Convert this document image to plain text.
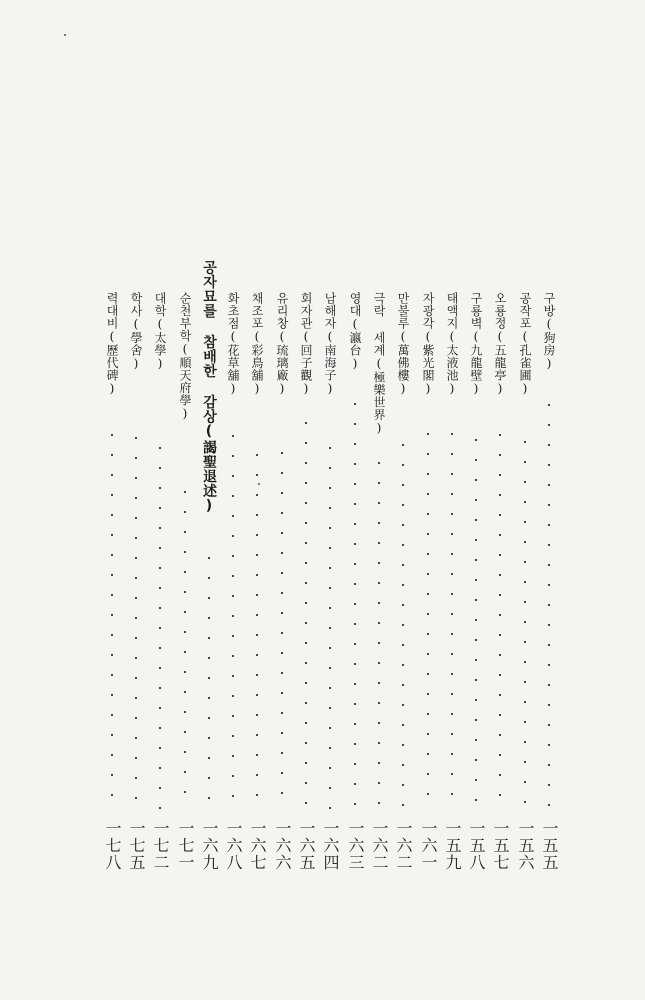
구방(狗房)
一五五
공작포(孔雀圃)
一五六
오룡정(五龍亭)
一五七
구룡벽(九龍壁)
一五八
태액지(太液池)
一五九
자광각(紫光閣)
一六一
만불루(萬佛樓)
一六二
극락 세계(極樂世界)
一六二
영대(瀛台)
一六三
남해자(南海子)
一六四
회자관(回子觀)
一六五
유리창(琉璃廠)
一六六
채조포(彩鳥舖)
一六七
화초점(花草舖)
一六八
공자묘를 참배한 감상(謁聖退述)
一六九
순천부학(順天府學)
一七一
대학(太學)
一七二
학사(學舍)
一七五
력대비(歷代碑)
一七八
